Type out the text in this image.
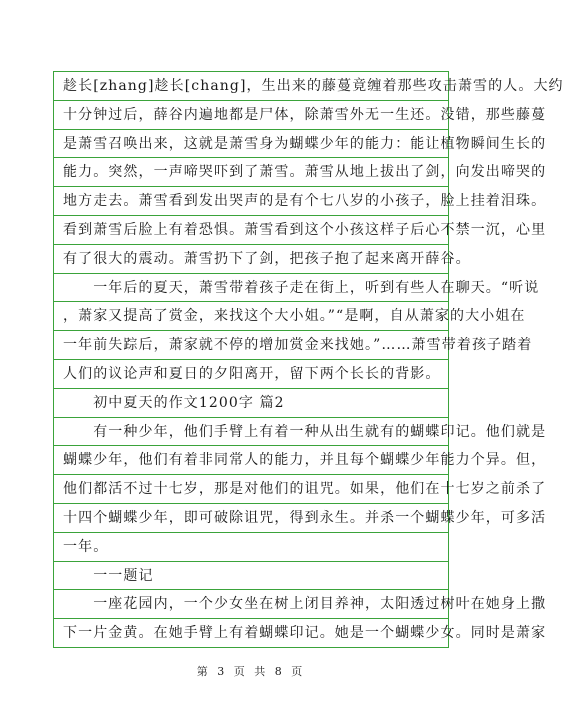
趁长[zhang]趁长[chang]，生出来的藤蔓竟缠着那些攻击萧雪的人。大约
十分钟过后，薛谷内遍地都是尸体，除萧雪外无一生还。没错，那些藤蔓
是萧雪召唤出来，这就是萧雪身为蝴蝶少年的能力：能让植物瞬间生长的
能力。突然，一声啼哭吓到了萧雪。萧雪从地上拔出了剑，向发出啼哭的
地方走去。萧雪看到发出哭声的是有个七八岁的小孩子，脸上挂着泪珠。
看到萧雪后脸上有着恐惧。萧雪看到这个小孩这样子后心不禁一沉，心里
有了很大的震动。萧雪扔下了剑，把孩子抱了起来离开薛谷。
　　一年后的夏天，萧雪带着孩子走在街上，听到有些人在聊天。“听说
，萧家又提高了赏金，来找这个大小姐。”“是啊，自从萧家的大小姐在
一年前失踪后，萧家就不停的增加赏金来找她。”……萧雪带着孩子踏着
人们的议论声和夏日的夕阳离开，留下两个长长的背影。
　　初中夏天的作文1200字 篇2
　　有一种少年，他们手臂上有着一种从出生就有的蝴蝶印记。他们就是
蝴蝶少年，他们有着非同常人的能力，并且每个蝴蝶少年能力个异。但，
他们都活不过十七岁，那是对他们的诅咒。如果，他们在十七岁之前杀了
十四个蝴蝶少年，即可破除诅咒，得到永生。并杀一个蝴蝶少年，可多活
一年。
　　一一题记
　　一座花园内，一个少女坐在树上闭目养神，太阳透过树叶在她身上撒
下一片金黄。在她手臂上有着蝴蝶印记。她是一个蝴蝶少女。同时是萧家
第 3 页 共 8 页
